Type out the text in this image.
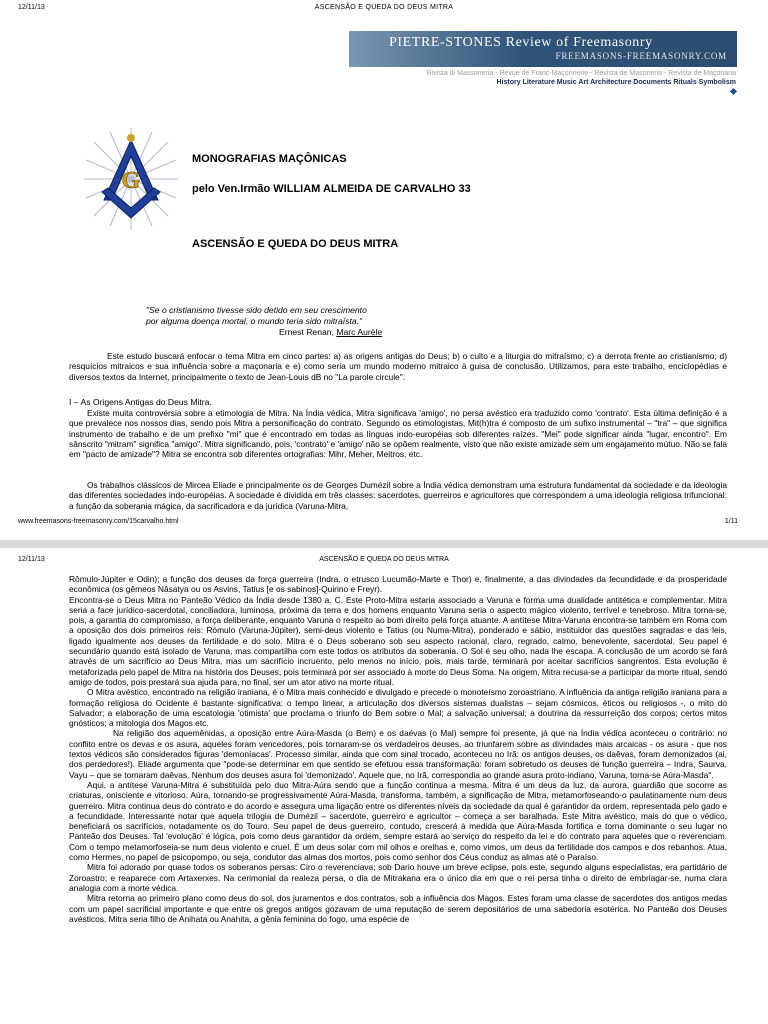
12/11/13	ASCENSÃO E QUEDA DO DEUS MITRA
PIETRE-STONES Review of Freemasonry
FREEMASONS-FREEMASONRY.COM
Rivista di Massoneria - Revue de Franc-Maçonnerie - Revista de Masoneria - Revista de Maçonaria
History Literature Music Art Architecture Documents Rituals Symbolism
G
MONOGRAFIAS MAÇÔNICAS
pelo Ven.Irmão WILLIAM ALMEIDA DE CARVALHO 33
ASCENSÃO E QUEDA DO DEUS MITRA
"Se o cristianismo tivesse sido detido em seu crescimento
por alguma doença mortal, o mundo teria sido mitraísta."
Ernest Renan, Marc Aurèle
Este estudo buscará enfocar o tema Mitra em cinco partes: a) as origens antigas do Deus; b) o culto e a liturgia do mitraísmo; c) a derrota frente ao cristianismo; d) resquícios mitraicos e sua influência sobre a maçonaria e e) como seria um mundo moderno mitraico à guisa de conclusão. Utilizamos, para este trabalho, enciclopédias e diversos textos da Internet, principalmente o texto de Jean-Louis dB no "La parole circule".
I – As Origens Antigas do Deus Mitra.
Existe muita controvérsia sobre a etimologia de Mitra. Na Índia védica, Mitra significava 'amigo', no persa avéstico era traduzido como 'contrato'. Esta última definição é a que prevalece nos nossos dias, sendo pois Mitra a personificação do contrato. Segundo os etimologistas, Mit(h)tra é composto de um sufixo instrumental – "tra" – que significa instrumento de trabalho e de um prefixo "mi" que é encontrado em todas as línguas indo-européias sob diferentes raízes. "Mei" pode significar ainda "lugar, encontro". Em sânscrito "mitram" significa "amigo". Mitra significando, pois, 'contrato' e 'amigo' não se opõem realmente, visto que não existe amizade sem um engajamento mútuo. Não se fala em "pacto de amizade"? Mitra se encontra sob diferentes ortografias: Mihr, Meher, Meitros, etc.
Os trabalhos clássicos de Mircea Eliade e principalmente os de Georges Dumézil sobre a Índia védica demonstram uma estrutura fundamental da sociedade e da ideologia das diferentes sociedades indo-européias. A sociedade é dividida em três classes: sacerdotes, guerreiros e agricultores que correspondem a uma ideologia religiosa trifuncional: a função da soberania mágica, da sacrificadora e da jurídica (Varuna-Mitra,
www.freemasons-freemasonry.com/15carvalho.html	1/11
12/11/13	ASCENSÃO E QUEDA DO DEUS MITRA
Rômulo-Júpiter e Odin); a função dos deuses da força guerreira (Indra, o etrusco Lucumão-Marte e Thor) e, finalmente, a das divindades da fecundidade e da prosperidade econômica (os gêmeos Nâsatya ou os Asvins, Tatius [e os sabinos]-Quirino e Freyr).
Encontra-se o Deus Mitra no Panteão Védico da Índia desde 1380 a. C. Este Proto-Mitra estaria associado a Varuna e forma uma dualidade antitética e complementar. Mitra seria a face jurídico-sacerdotal, conciliadora, luminosa, próxima da terra e dos homens enquanto Varuna seria o aspecto mágico violento, terrível e tenebroso. Mitra torna-se, pois, a garantia do compromisso, a força deliberante, enquanto Varuna o respeito ao bom direito pela força atuante. A antítese Mitra-Varuna encontra-se também em Roma com a oposição dos dois primeiros reis: Rómulo (Varuna-Júpiter), semi-deus violento e Tatius (ou Numa-Mitra), ponderado e sábio, instituidor das questões sagradas e das leis, ligado igualmente aos deuses da fertilidade e do solo. Mitra é o Deus soberano sob seu aspecto racional, claro, regrado, calmo, benevolente, sacerdotal. Seu papel é secundário quando está isolado de Varuna, mas compartilha com este todos os atributos da soberania. O Sol é seu olho, nada lhe escapa. A conclusão de um acordo se fará através de um sacrifício ao Deus Mitra, mas um sacrifício incruento, pelo menos no início, pois, mais tarde, terminará por aceitar sacrifícios sangrentos. Esta evolução é metaforizada pelo papel de Mitra na história dos Deuses, pois terminará por ser associado à morte do Deus Soma. Na origem, Mitra recusa-se a participar da morte ritual, sendo amigo de todos, pois prestará sua ajuda para, no final, ser um ator ativo na morte ritual.
O Mitra avéstico, encontrado na religião iraniana, é o Mitra mais conhecido e divulgado e precede o monoteísmo zoroastriano. A influência da antiga religião iraniana para a formação religiosa do Ocidente é bastante significativa: o tempo linear, a articulação dos diversos sistemas dualistas – sejam cósmicos, éticos ou religiosos -, o mito do Salvador; a elaboração de uma escatologia 'otimista' que proclama o triunfo do Bem sobre o Mal; a salvação universal; a doutrina da ressurreição dos corpos; certos mitos gnósticos; a mitologia dos Magos etc.
Na religião dos aquemênidas, a oposição entre Aúra-Masda (o Bem) e os daévas (o Mal) sempre foi presente, já que na Índia védica aconteceu o contrário: no conflito entre os devas e os asura, aqueles foram vencedores, pois tornaram-se os verdadeiros deuses, ao triunfarem sobre as divindades mais arcaicas - os asura - que nos textos védicos são considerados figuras 'demoníacas'. Processo similar, ainda que com sinal trocado, aconteceu no Irã: os antigos deuses, os daêvas, foram demonizados (ai, dos perdedores!). Eliade argumenta que "pode-se determinar em que sentido se efetuou essa transformação: foram sobretudo os deuses de função guerreira – Indra, Saurva, Vayu – que se tornaram daêvas. Nenhum dos deuses asura foi 'demonizado'. Aquele que, no Irã, correspondia ao grande asura proto-indiano, Varuna, torna-se Aúra-Masda".
Aqui, a antítese Varuna-Mitra é substituída pelo duo Mitra-Aúra sendo que a função continua a mesma. Mitra é um deus da luz, da aurora, guardião que socorre as criaturas, onisciente e vitorioso. Aúra, tornando-se progressivamente Aúra-Masda, transforma, também, a significação de Mitra, metamorfoseando-o paulatinamente num deus guerreiro. Mitra continua deus do contrato e do acordo e assegura uma ligação entre os diferentes níveis da sociedade da qual é garantidor da ordem, representada pelo gado e a fecundidade. Interessante notar que aquela trilogia de Dumézil – sacerdote, guerreiro e agricultor – começa a ser baralhada. Este Mitra avéstico, mais do que o védico, beneficiará os sacrifícios, notadamente os do Touro. Seu papel de deus guerreiro, contudo, crescerá à medida que Aúra-Masda fortifica e torna dominante o seu lugar no Panteão dos Deuses. Tal 'evolução' é lógica, pois como deus garantidor da ordem, sempre estará ao serviço do respeito da lei e do contrato para aqueles que o reverenciam. Com o tempo metamorfoseia-se num deus violento e cruel. É um deus solar com mil olhos e orelhas e, como vimos, um deus da fertilidade dos campos e dos rebanhos. Atua, como Hermes, no papel de psicopompo, ou seja, condutor das almas dos mortos, pois como senhor dos Céus conduz as almas até o Paraíso.
Mitra foi adorado por quase todos os soberanos persas: Ciro o reverenciava; sob Dario houve um breve eclipse, pois este, segundo alguns especialistas, era partidário de Zoroastro; e reaparece com Artaxerxes. Na cerimonial da realeza persa, o dia de Mitrakana era o único dia em que o rei persa tinha o direito de embriagar-se, numa clara analogia com a morte védica.
Mitra retorna ao primeiro plano como deus do sol, dos juramentos e dos contratos, sob a influência dos Magos. Estes foram uma classe de sacerdotes dos antigos medas com um papel sacrificial importante e que entre os gregos antigos gozavam de uma reputação de serem depositários de uma sabedoria esotérica. No Panteão dos Deuses avésticos, Mitra seria filho de Anihata ou Anahita, a gênia feminina do fogo, uma espécie de
